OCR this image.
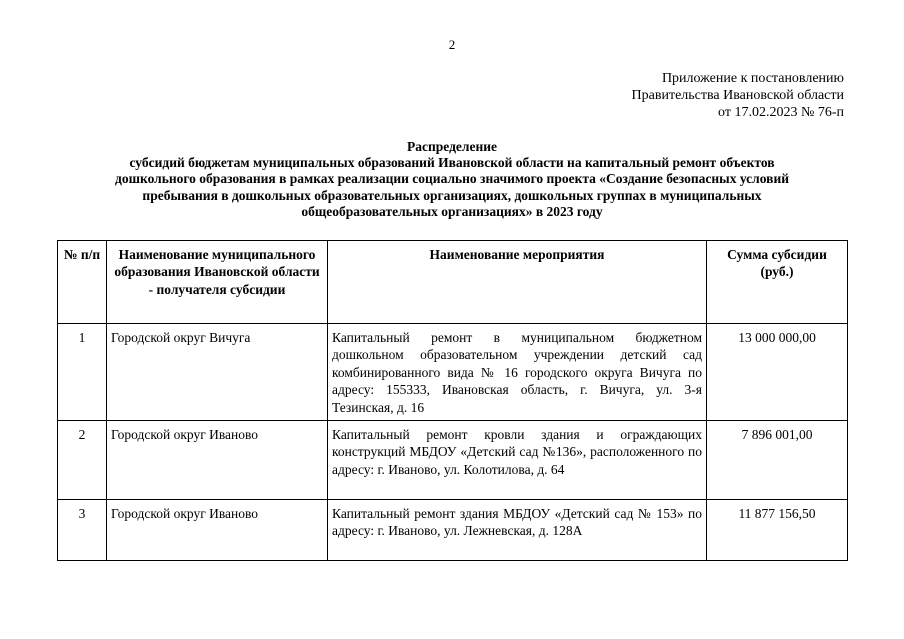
2
Приложение к постановлению
Правительства Ивановской области
от 17.02.2023 № 76-п
Распределение
субсидий бюджетам муниципальных образований Ивановской области на капитальный ремонт объектов
дошкольного образования в рамках реализации социально значимого проекта «Создание безопасных условий
пребывания в дошкольных образовательных организациях, дошкольных группах в муниципальных
общеобразовательных организациях» в 2023 году
№ п/п	Наименование муниципального образования Ивановской области - получателя субсидии	Наименование мероприятия	Сумма субсидии (руб.)
1	Городской округ Вичуга	Капитальный ремонт в муниципальном бюджетном дошкольном образовательном учреждении детский сад комбинированного вида № 16 городского округа Вичуга по адресу: 155333, Ивановская область, г. Вичуга, ул. 3-я Тезинская, д. 16	13 000 000,00
2	Городской округ Иваново	Капитальный ремонт кровли здания и ограждающих конструкций МБДОУ «Детский сад №136», расположенного по адресу: г. Иваново, ул. Колотилова, д. 64	7 896 001,00
3	Городской округ Иваново	Капитальный ремонт здания МБДОУ «Детский сад № 153» по адресу: г. Иваново, ул. Лежневская, д. 128А	11 877 156,50
